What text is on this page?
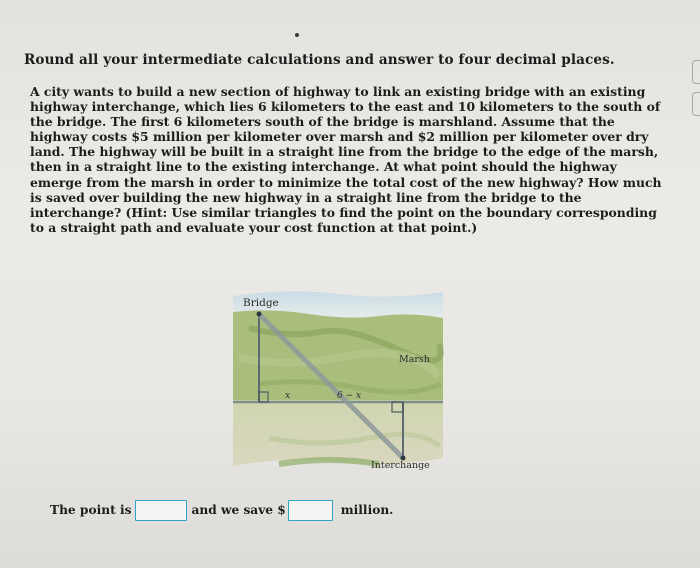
Round all your intermediate calculations and answer to four decimal places.

A city wants to build a new section of highway to link an existing bridge with an existing highway interchange, which lies 6 kilometers to the east and 10 kilometers to the south of the bridge. The first 6 kilometers south of the bridge is marshland. Assume that the highway costs $5 million per kilometer over marsh and $2 million per kilometer over dry land. The highway will be built in a straight line from the bridge to the edge of the marsh, then in a straight line to the existing interchange. At what point should the highway emerge from the marsh in order to minimize the total cost of the new highway? How much is saved over building the new highway in a straight line from the bridge to the interchange? (Hint: Use similar triangles to find the point on the boundary corresponding to a straight path and evaluate your cost function at that point.)

Bridge
Marsh
x	6 − x
Interchange
The point is	and we save $	million.
